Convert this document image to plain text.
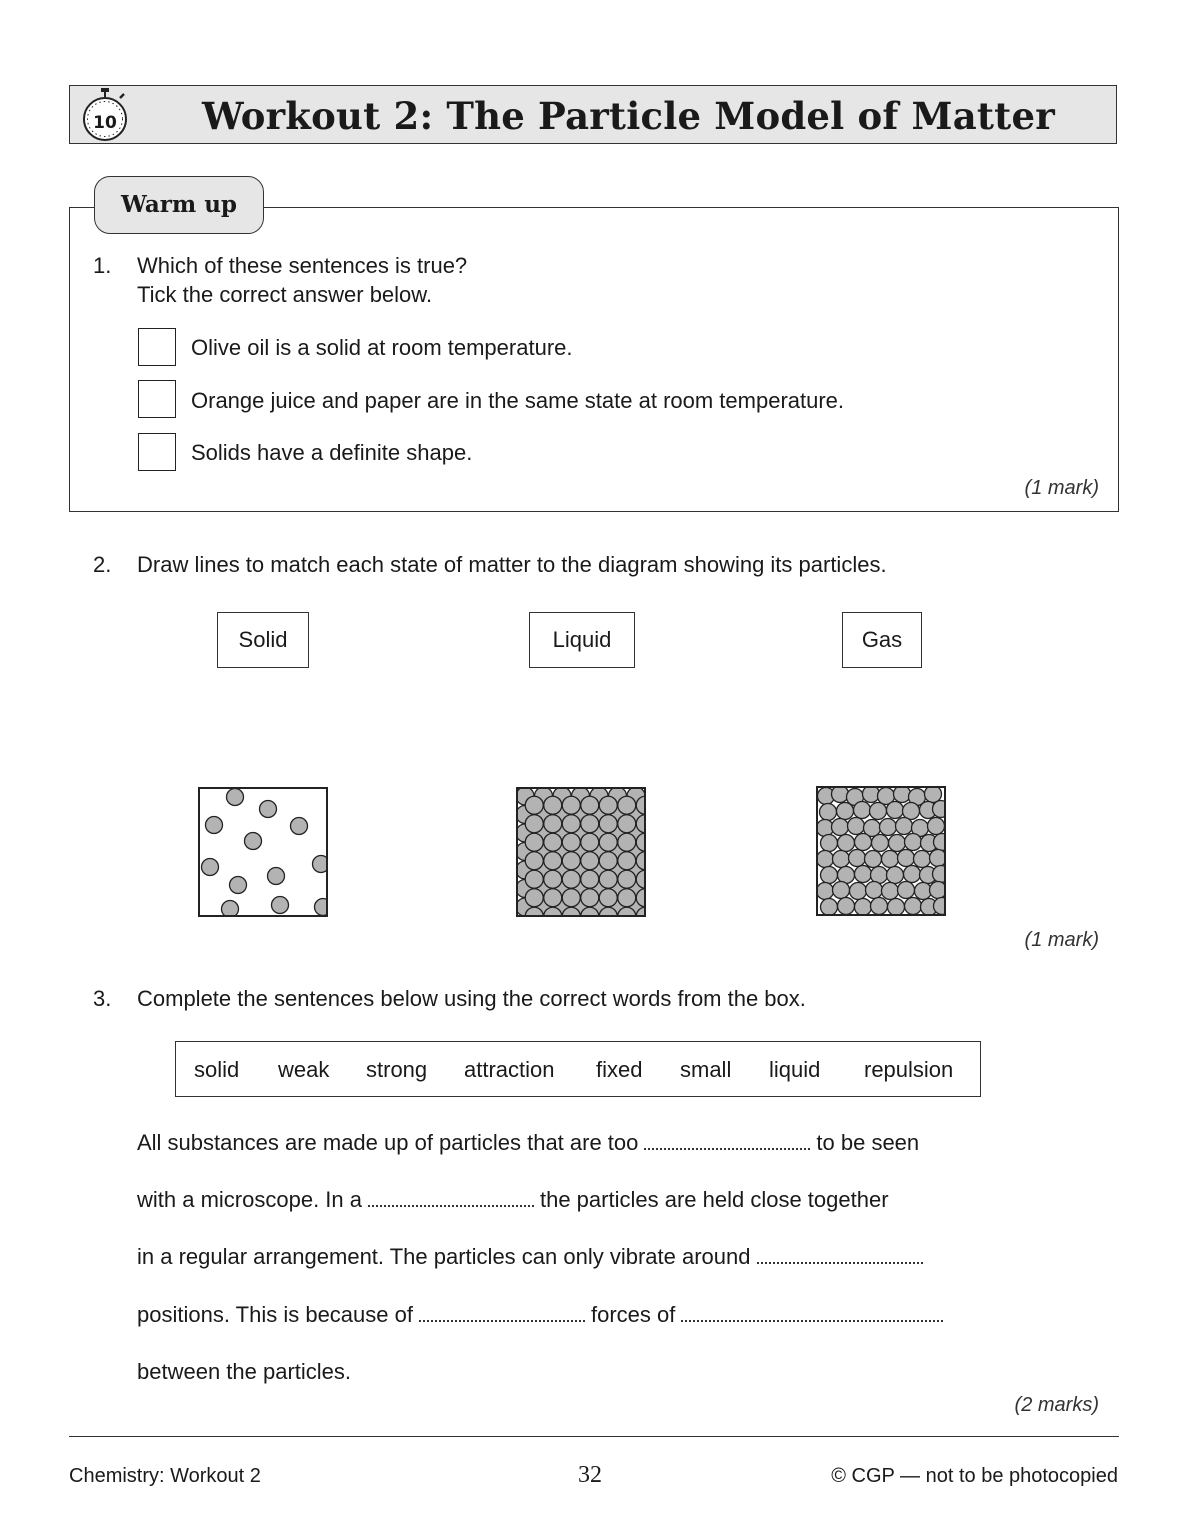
10	Workout 2: The Particle Model of Matter
Warm up
1. Which of these sentences is true?
Tick the correct answer below.
Olive oil is a solid at room temperature.
Orange juice and paper are in the same state at room temperature.
Solids have a definite shape.
(1 mark)
2. Draw lines to match each state of matter to the diagram showing its particles.
Solid	Liquid	Gas
(1 mark)
3. Complete the sentences below using the correct words from the box.
solid weak strong attraction fixed small liquid repulsion
All substances are made up of particles that are too	to be seen
with a microscope. In a	the particles are held close together
in a regular arrangement. The particles can only vibrate around
positions. This is because of	forces of
between the particles.
(2 marks)
Chemistry: Workout 2	32	© CGP — not to be photocopied
